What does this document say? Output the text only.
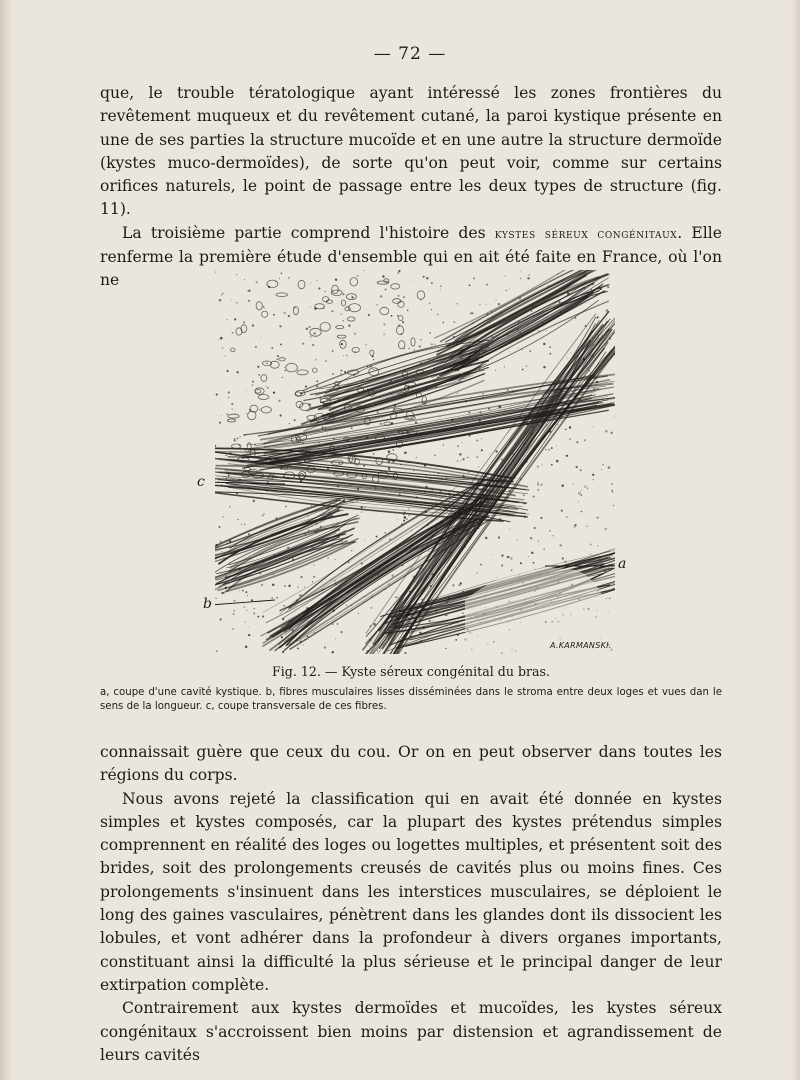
— 72 —

que, le trouble tératologique ayant intéressé les zones frontières du revêtement muqueux et du revêtement cutané, la paroi kystique présente en une de ses parties la structure mucoïde et en une autre la structure dermoïde (kystes muco-dermoïdes), de sorte qu'on peut voir, comme sur certains orifices naturels, le point de passage entre les deux types de structure (fig. 11).

La troisième partie comprend l'histoire des kystes séreux congénitaux. Elle renferme la première étude d'ensemble qui en ait été faite en France, où l'on ne

c
b
a
A.KARMANSKI.
Fig. 12. — Kyste séreux congénital du bras.
a, coupe d'une cavité kystique. b, fibres musculaires lisses disséminées dans le stroma entre deux loges et vues dan le sens de la longueur. c, coupe transversale de ces fibres.

connaissait guère que ceux du cou. Or on en peut observer dans toutes les régions du corps.

Nous avons rejeté la classification qui en avait été donnée en kystes simples et kystes composés, car la plupart des kystes prétendus simples comprennent en réalité des loges ou logettes multiples, et présentent soit des brides, soit des prolongements creusés de cavités plus ou moins fines. Ces prolongements s'insinuent dans les interstices musculaires, se déploient le long des gaines vasculaires, pénètrent dans les glandes dont ils dissocient les lobules, et vont adhérer dans la profondeur à divers organes importants, constituant ainsi la difficulté la plus sérieuse et le principal danger de leur extirpation complète.

Contrairement aux kystes dermoïdes et mucoïdes, les kystes séreux congénitaux s'accroissent bien moins par distension et agrandissement de leurs cavités
